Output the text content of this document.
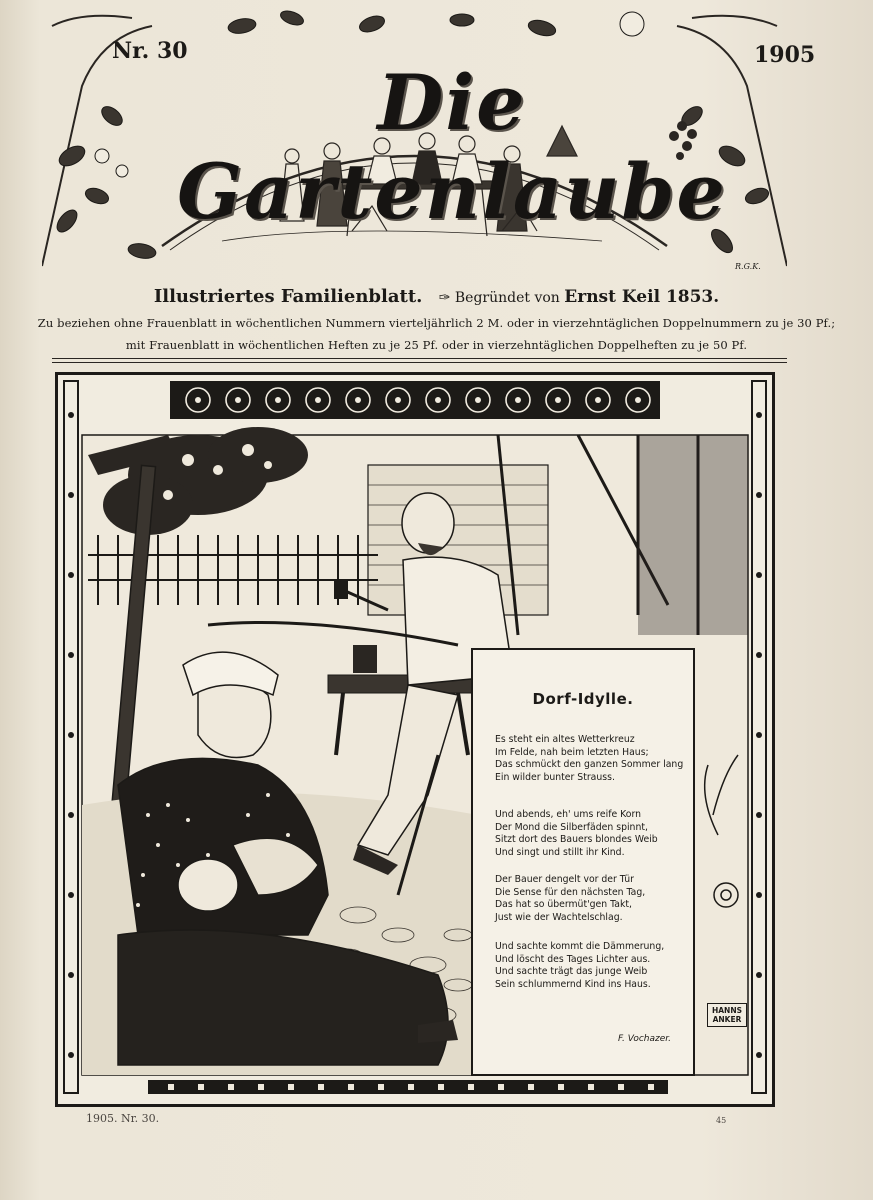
Nr. 30	1905
Die Gartenlaube
R.G.K.
Illustriertes Familienblatt. ✑ Begründet von Ernst Keil 1853.
Zu beziehen ohne Frauenblatt in wöchentlichen Nummern vierteljährlich 2 M. oder in vierzehntäglichen Doppelnummern zu je 30 Pf.;
mit Frauenblatt in wöchentlichen Heften zu je 25 Pf. oder in vierzehntäglichen Doppelheften zu je 50 Pf.
Dorf-Idylle.
Es steht ein altes Wetterkreuz
Im Felde, nah beim letzten Haus;
Das schmückt den ganzen Sommer lang
Ein wilder bunter Strauss.
Und abends, eh' ums reife Korn
Der Mond die Silberfäden spinnt,
Sitzt dort des Bauers blondes Weib
Und singt und stillt ihr Kind.
Der Bauer dengelt vor der Tür
Die Sense für den nächsten Tag,
Das hat so übermüt'gen Takt,
Just wie der Wachtelschlag.
Und sachte kommt die Dämmerung,
Und löscht des Tages Lichter aus.
Und sachte trägt das junge Weib
Sein schlummernd Kind ins Haus.
F. Vochazer.
HANNS
ANKER
1905. Nr. 30.	45
